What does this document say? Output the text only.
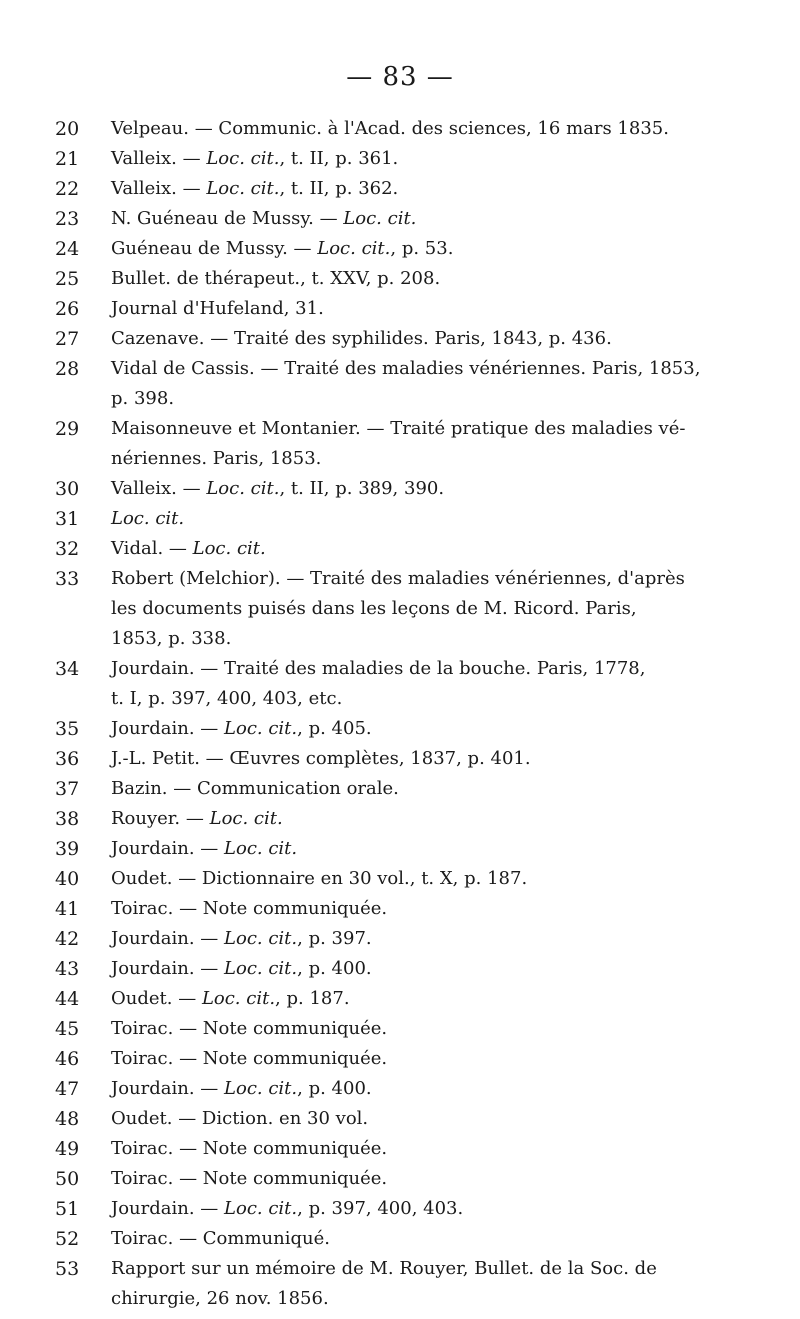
— 83 —
20	Velpeau. — Communic. à l'Acad. des sciences, 16 mars 1835.
21	Valleix. — Loc. cit., t. II, p. 361.
22	Valleix. — Loc. cit., t. II, p. 362.
23	N. Guéneau de Mussy. — Loc. cit.
24	Guéneau de Mussy. — Loc. cit., p. 53.
25	Bullet. de thérapeut., t. XXV, p. 208.
26	Journal d'Hufeland, 31.
27	Cazenave. — Traité des syphilides. Paris, 1843, p. 436.
28	Vidal de Cassis. — Traité des maladies vénériennes. Paris, 1853,
p. 398.
29	Maisonneuve et Montanier. — Traité pratique des maladies vé-
nériennes. Paris, 1853.
30	Valleix. — Loc. cit., t. II, p. 389, 390.
31	Loc. cit.
32	Vidal. — Loc. cit.
33	Robert (Melchior). — Traité des maladies vénériennes, d'après
les documents puisés dans les leçons de M. Ricord. Paris,
1853, p. 338.
34	Jourdain. — Traité des maladies de la bouche. Paris, 1778,
t. I, p. 397, 400, 403, etc.
35	Jourdain. — Loc. cit., p. 405.
36	J.-L. Petit. — Œuvres complètes, 1837, p. 401.
37	Bazin. — Communication orale.
38	Rouyer. — Loc. cit.
39	Jourdain. — Loc. cit.
40	Oudet. — Dictionnaire en 30 vol., t. X, p. 187.
41	Toirac. — Note communiquée.
42	Jourdain. — Loc. cit., p. 397.
43	Jourdain. — Loc. cit., p. 400.
44	Oudet. — Loc. cit., p. 187.
45	Toirac. — Note communiquée.
46	Toirac. — Note communiquée.
47	Jourdain. — Loc. cit., p. 400.
48	Oudet. — Diction. en 30 vol.
49	Toirac. — Note communiquée.
50	Toirac. — Note communiquée.
51	Jourdain. — Loc. cit., p. 397, 400, 403.
52	Toirac. — Communiqué.
53	Rapport sur un mémoire de M. Rouyer, Bullet. de la Soc. de
chirurgie, 26 nov. 1856.
